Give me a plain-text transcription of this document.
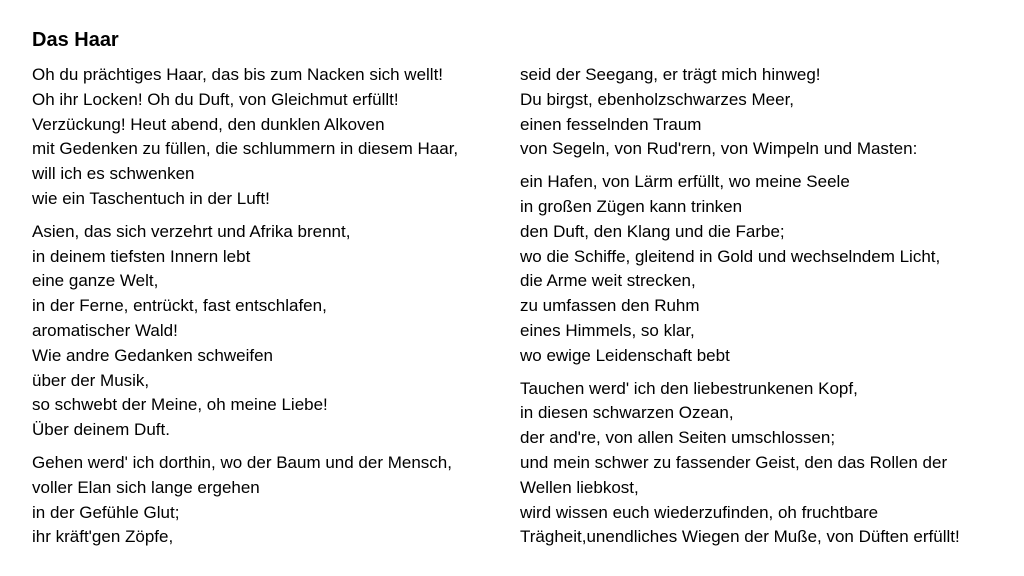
Das Haar
Oh du prächtiges Haar, das bis zum Nacken sich wellt!
Oh ihr Locken! Oh du Duft, von Gleichmut erfüllt!
Verzückung! Heut abend, den dunklen Alkoven
mit Gedenken zu füllen, die schlummern in diesem Haar,
will ich es schwenken
wie ein Taschentuch in der Luft!
Asien, das sich verzehrt und Afrika brennt,
in deinem tiefsten Innern lebt
eine ganze Welt,
in der Ferne, entrückt, fast entschlafen,
aromatischer Wald!
Wie andre Gedanken schweifen
über der Musik,
so schwebt der Meine, oh meine Liebe!
Über deinem Duft.
Gehen werd' ich dorthin, wo der Baum und der Mensch,
voller Elan sich lange ergehen
in der Gefühle Glut;
ihr kräft'gen Zöpfe,
seid der Seegang, er trägt mich hinweg!
Du birgst, ebenholzschwarzes Meer,
einen fesselnden Traum
von Segeln, von Rud'rern, von Wimpeln und Masten:
ein Hafen, von Lärm erfüllt, wo meine Seele
in großen Zügen kann trinken
den Duft, den Klang und die Farbe;
wo die Schiffe, gleitend in Gold und wechselndem Licht,
die Arme weit strecken,
zu umfassen den Ruhm
eines Himmels, so klar,
wo ewige Leidenschaft bebt
Tauchen werd' ich den liebestrunkenen Kopf,
in diesen schwarzen Ozean,
der and're, von allen Seiten umschlossen;
und mein schwer zu fassender Geist, den das Rollen der
Wellen liebkost,
wird wissen euch wiederzufinden, oh fruchtbare
Trägheit,unendliches Wiegen der Muße, von Düften erfüllt!
